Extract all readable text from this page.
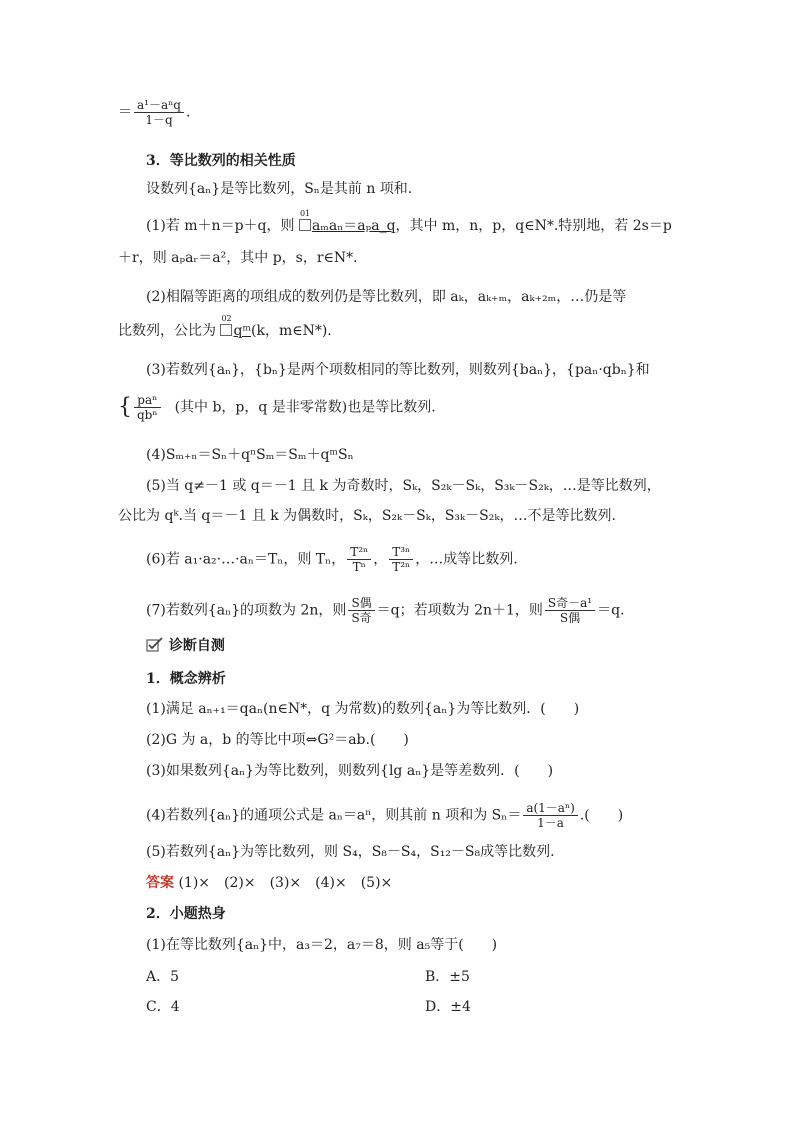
＝ $\frac{\text{a¹－aⁿq}}{1-q}$ .
3．等比数列的相关性质
设数列{aₙ}是等比数列，Sₙ是其前 n 项和.
(1)若 m＋n＝p＋q，则
01
aₘaₙ＝aₚa_q，其中 m，n，p，q∈N*.特别地，若 2s＝p
＋r，则 aₚaᵣ＝a²，其中 p，s，r∈N*.
(2)相隔等距离的项组成的数列仍是等比数列，即 aₖ，aₖ₊ₘ，aₖ₊₂ₘ，…仍是等
比数列，公比为
02
qᵐ(k，m∈N*).
(3)若数列{aₙ}，{bₙ}是两个项数相同的等比数列，则数列{baₙ}，{paₙ·qbₙ}和
{ $\frac{\text{paⁿ}}{\text{qbⁿ}}$ (其中 b，p，q 是非零常数)也是等比数列.
(4)Sₘ₊ₙ＝Sₙ＋qⁿSₘ＝Sₘ＋qᵐSₙ
(5)当 q≠－1 或 q＝－1 且 k 为奇数时，Sₖ，S₂ₖ－Sₖ，S₃ₖ－S₂ₖ，…是等比数列，
公比为 qᵏ.当 q＝－1 且 k 为偶数时，Sₖ，S₂ₖ－Sₖ，S₃ₖ－S₂ₖ，…不是等比数列.
(6)若 a₁·a₂·…·aₙ＝Tₙ，则 Tₙ， $\frac{\text{T²ⁿ}}{\text{Tⁿ}}$ ， $\frac{\text{T³ⁿ}}{\text{T²ⁿ}}$ ，…成等比数列.
(7)若数列{aₙ}的项数为 2n，则 $\frac{\text{S偶}}{\text{S奇}} =q$；若项数为 2n＋1，则 $\frac{\text{S奇－a¹}}{\text{S偶}} =q$.
诊断自测
1．概念辨析
(1)满足 aₙ₊₁＝qaₙ(n∈N*，q 为常数)的数列{aₙ}为等比数列．(　　)
(2)G 为 a，b 的等比中项⇔G²＝ab.(　　)
(3)如果数列{aₙ}为等比数列，则数列{lg aₙ}是等差数列．(　　)
(4)若数列{aₙ}的通项公式是 aₙ＝aⁿ，则其前 n 项和为 $S_n= \frac{\text{a(1－aⁿ)}}{1-a}$ .(　　)
(5)若数列{aₙ}为等比数列，则 S₄，S₈－S₄，S₁₂－S₈成等比数列.
答案 (1)×　(2)×　(3)×　(4)×　(5)×
2．小题热身
(1)在等比数列{aₙ}中，a₃＝2，a₇＝8，则 a₅等于(　　)
A．5	B．±5
C．4	D．±4
